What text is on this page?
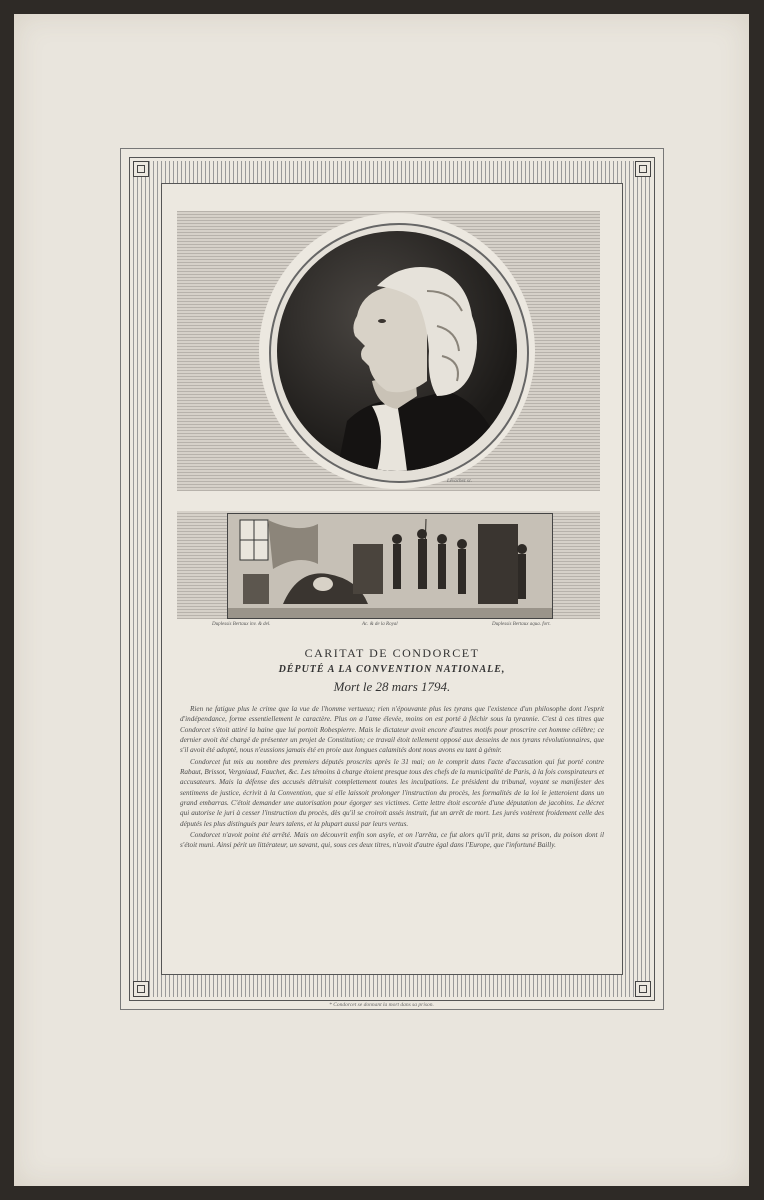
Lévachez sc.
Duplessis Bertaux inv. & del.	Ac. & de la Royal	Duplessis Bertaux aqua. fort.
CARITAT DE CONDORCET
DÉPUTÉ A LA CONVENTION NATIONALE,
Mort le 28 mars 1794.

Rien ne fatigue plus le crime que la vue de l'homme vertueux; rien n'épouvante plus les tyrans que l'existence d'un philosophe dont l'esprit d'indépendance, forme essentiellement le caractère. Plus on a l'ame élevée, moins on est porté à fléchir sous la tyrannie. C'est à ces titres que Condorcet s'étoit attiré la haine que lui portoit Robespierre. Mais le dictateur avoit encore d'autres motifs pour proscrire cet homme célèbre; ce dernier avoit été chargé de présenter un projet de Constitution; ce travail étoit tellement opposé aux desseins de nos tyrans révolutionnaires, que s'il avoit été adopté, nous n'eussions jamais été en proie aux longues calamités dont nous avons eu tant à gémir.

Condorcet fut mis au nombre des premiers députés proscrits après le 31 mai; on le comprit dans l'acte d'accusation qui fut porté contre Rabaut, Brissot, Vergniaud, Fauchet, &c. Les témoins à charge étoient presque tous des chefs de la municipalité de Paris, à la fois conspirateurs et accusateurs. Mais la défense des accusés détruisit complettement toutes les inculpations. Le président du tribunal, voyant se manifester des sentimens de justice, écrivit à la Convention, que si elle laissoit prolonger l'instruction du procès, les formalités de la loi le jetteroient dans un grand embarras. C'étoit demander une autorisation pour égorger ses victimes. Cette lettre étoit escortée d'une députation de jacobins. Le décret qui autorise le juri à cesser l'instruction du procès, dès qu'il se croiroit assés instruit, fut un arrêt de mort. Les jurés votèrent froidement celle des députés les plus distingués par leurs talens, et la plupart aussi par leurs vertus.

Condorcet n'avoit point été arrêté. Mais on découvrit enfin son asyle, et on l'arrêta, ce fut alors qu'il prit, dans sa prison, du poison dont il s'étoit muni. Ainsi périt un littérateur, un savant, qui, sous ces deux titres, n'avoit d'autre égal dans l'Europe, que l'infortuné Bailly.

* Condorcet se donnant la mort dans sa prison.
